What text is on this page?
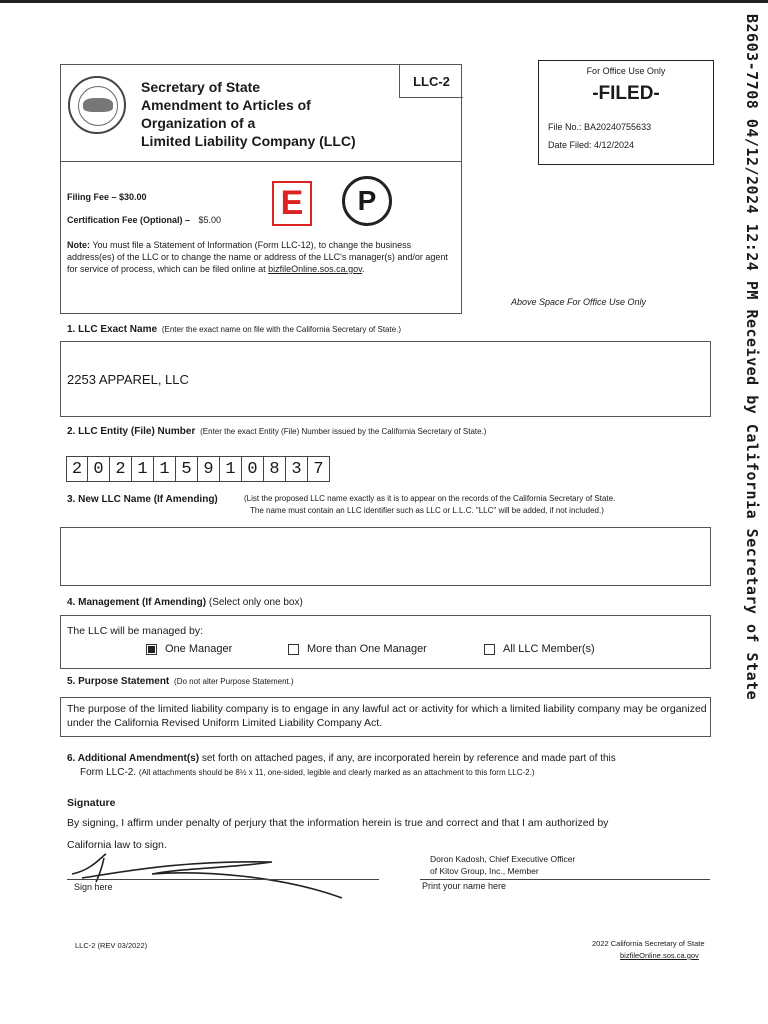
LLC-2
Secretary of State
Amendment to Articles of
Organization of a
Limited Liability Company (LLC)
For Office Use Only
-FILED-
File No.: BA20240755633
Date Filed: 4/12/2024
Above Space For Office Use Only
Filing Fee – $30.00
Certification Fee (Optional) – $5.00 E	P
Note: You must file a Statement of Information (Form LLC-12), to change the business address(es) of the LLC or to change the name or address of the LLC's manager(s) and/or agent for service of process, which can be filed online at bizfileOnline.sos.ca.gov.
1. LLC Exact Name (Enter the exact name on file with the California Secretary of State.)
2253 APPAREL, LLC
2. LLC Entity (File) Number (Enter the exact Entity (File) Number issued by the California Secretary of State.)
2 0 2 1 1 5 9 1 0 8 3 7
3. New LLC Name (If Amending)	(List the proposed LLC name exactly as it is to appear on the records of the California Secretary of State.
The name must contain an LLC identifier such as LLC or L.L.C. "LLC" will be added, if not included.)
4. Management (If Amending) (Select only one box)
The LLC will be managed by:
One Manager	More than One Manager	All LLC Member(s)
5. Purpose Statement (Do not alter Purpose Statement.)
The purpose of the limited liability company is to engage in any lawful act or activity for which a limited liability company may be organized under the California Revised Uniform Limited Liability Company Act.
6. Additional Amendment(s) set forth on attached pages, if any, are incorporated herein by reference and made part of this
Form LLC-2. (All attachments should be 8½ x 11, one-sided, legible and clearly marked as an attachment to this form LLC-2.)
Signature
By signing, I affirm under penalty of perjury that the information herein is true and correct and that I am authorized by
California law to sign.
Sign here
Doron Kadosh, Chief Executive Officer
of Kitov Group, Inc., Member
Print your name here
LLC-2 (REV 03/2022)	2022 California Secretary of State
bizfileOnline.sos.ca.gov
B2603-7708 04/12/2024 12:24 PM Received by California Secretary of State
